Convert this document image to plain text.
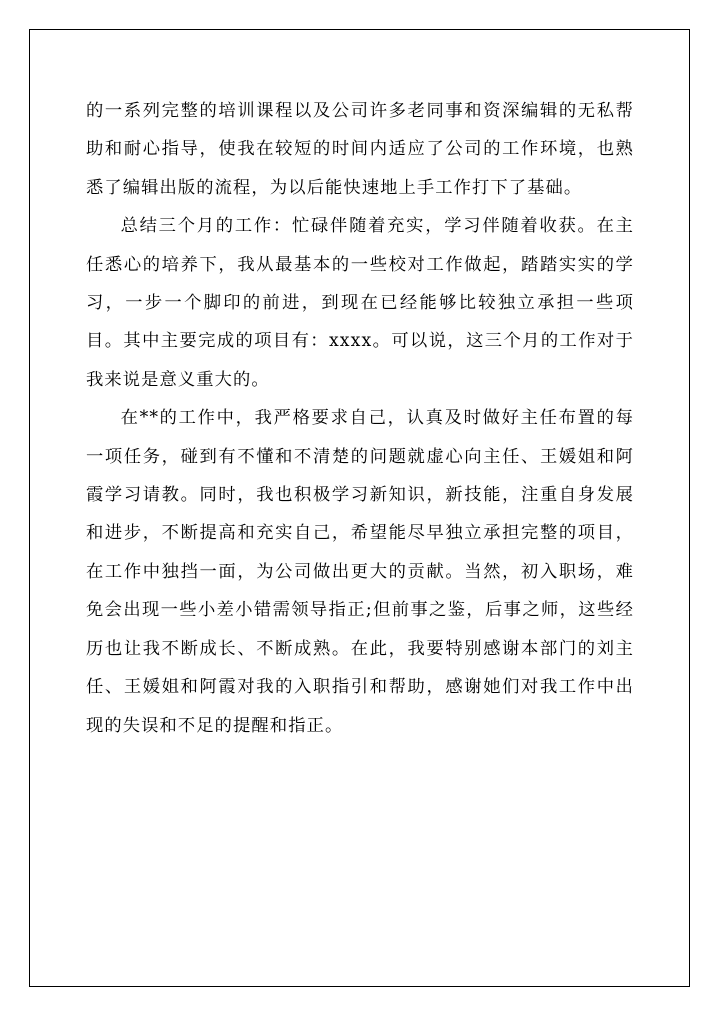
的一系列完整的培训课程以及公司许多老同事和资深编辑的无私帮助和耐心指导，使我在较短的时间内适应了公司的工作环境，也熟悉了编辑出版的流程，为以后能快速地上手工作打下了基础。

总结三个月的工作：忙碌伴随着充实，学习伴随着收获。在主任悉心的培养下，我从最基本的一些校对工作做起，踏踏实实的学习，一步一个脚印的前进，到现在已经能够比较独立承担一些项目。其中主要完成的项目有：xxxx。可以说，这三个月的工作对于我来说是意义重大的。

在**的工作中，我严格要求自己，认真及时做好主任布置的每一项任务，碰到有不懂和不清楚的问题就虚心向主任、王媛姐和阿霞学习请教。同时，我也积极学习新知识，新技能，注重自身发展和进步，不断提高和充实自己，希望能尽早独立承担完整的项目，在工作中独挡一面，为公司做出更大的贡献。当然，初入职场，难免会出现一些小差小错需领导指正;但前事之鉴，后事之师，这些经历也让我不断成长、不断成熟。在此，我要特别感谢本部门的刘主任、王媛姐和阿霞对我的入职指引和帮助，感谢她们对我工作中出现的失误和不足的提醒和指正。
